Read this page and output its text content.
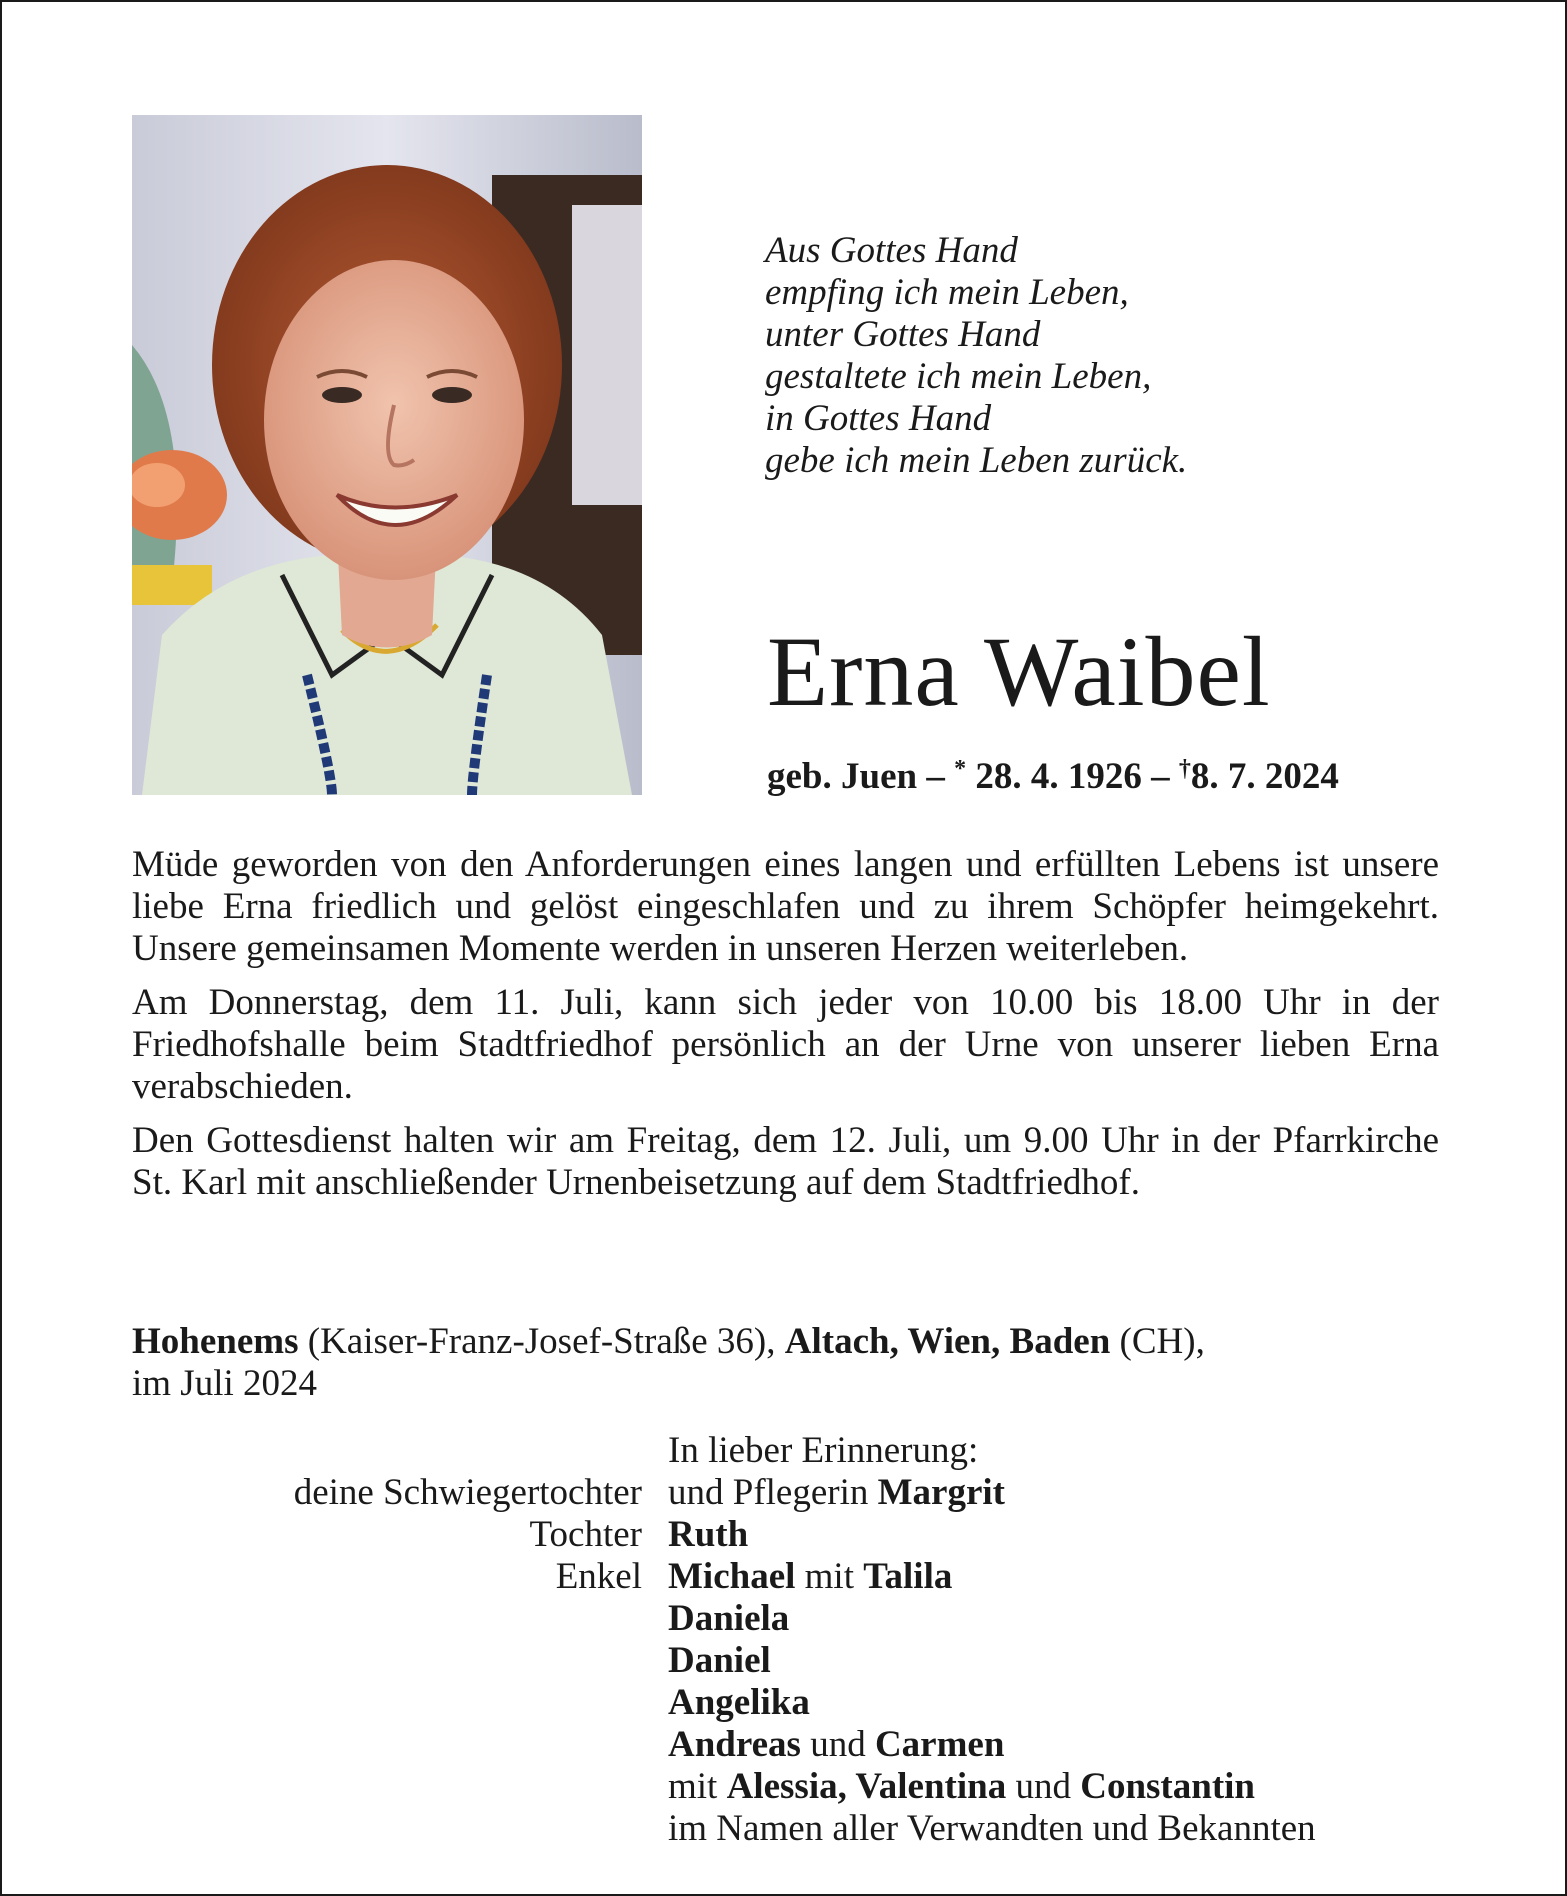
Aus Gottes Hand
empfing ich mein Leben,
unter Gottes Hand
gestaltete ich mein Leben,
in Gottes Hand
gebe ich mein Leben zurück.
Erna Waibel
geb. Juen – * 28. 4. 1926 – †8. 7. 2024

Müde geworden von den Anforderungen eines langen und erfüllten Lebens ist unsere liebe Erna friedlich und gelöst eingeschlafen und zu ihrem Schöpfer heimgekehrt. Unsere gemeinsamen Momente werden in unseren Herzen weiterleben.

Am Donnerstag, dem 11. Juli, kann sich jeder von 10.00 bis 18.00 Uhr in der Friedhofshalle beim Stadtfriedhof persönlich an der Urne von unserer lieben Erna verabschieden.

Den Gottesdienst halten wir am Freitag, dem 12. Juli, um 9.00 Uhr in der Pfarrkirche St. Karl mit anschließender Urnenbeisetzung auf dem Stadtfriedhof.

Hohenems (Kaiser-Franz-Josef-Straße 36), Altach, Wien, Baden (CH),
im Juli 2024
In lieber Erinnerung:
deine Schwiegertochter und Pflegerin Margrit
Tochter Ruth
Enkel Michael mit Talila
Daniela
Daniel
Angelika
Andreas und Carmen
mit Alessia, Valentina und Constantin
im Namen aller Verwandten und Bekannten
